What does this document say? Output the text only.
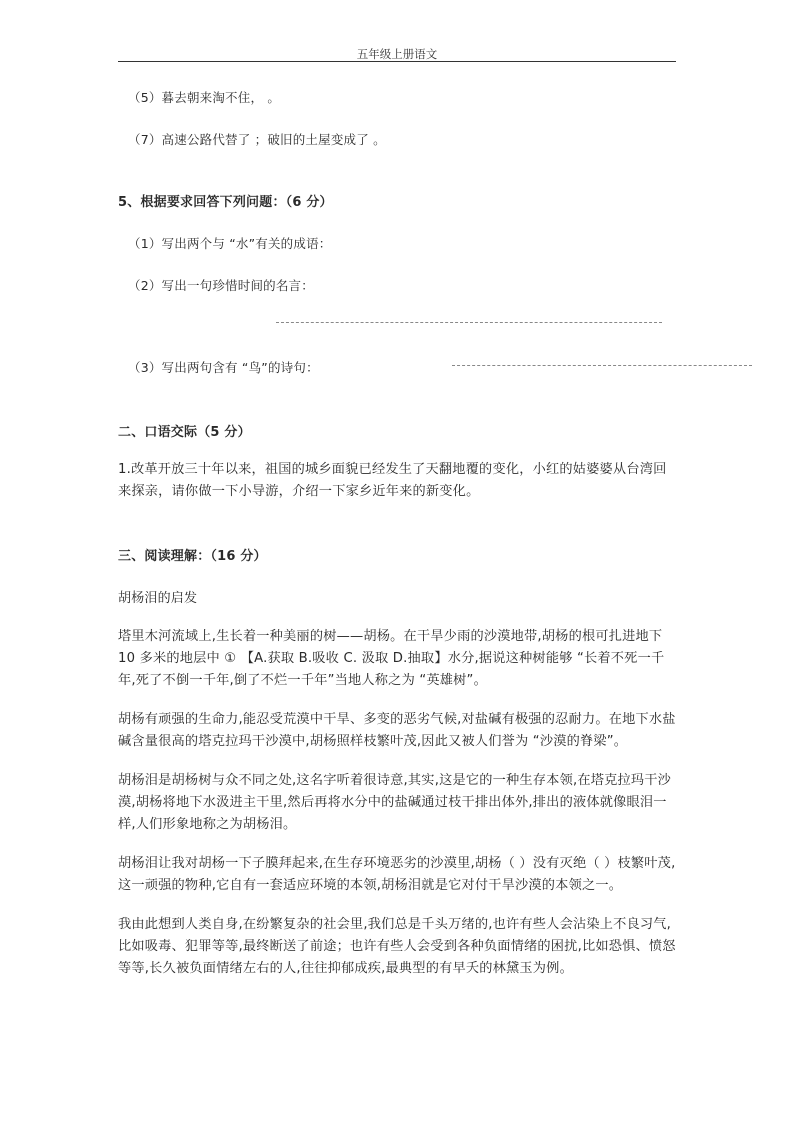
五年级上册语文
（5）暮去朝来淘不住， 。
（7）高速公路代替了 ；破旧的土屋变成了 。
5、根据要求回答下列问题：（6 分）
（1）写出两个与 “水”有关的成语：
（2）写出一句珍惜时间的名言：
（3）写出两句含有 “鸟”的诗句：
二、口语交际（5 分）
1.改革开放三十年以来，祖国的城乡面貌已经发生了天翻地覆的变化，小红的姑婆婆从台湾回来探亲，请你做一下小导游，介绍一下家乡近年来的新变化。
三、阅读理解：（16 分）
胡杨泪的启发
塔里木河流域上,生长着一种美丽的树——胡杨。在干旱少雨的沙漠地带,胡杨的根可扎进地下 10 多米的地层中 ① 【A.获取 B.吸收 C. 汲取 D.抽取】水分,据说这种树能够 “长着不死一千年,死了不倒一千年,倒了不烂一千年”当地人称之为 “英雄树”。
胡杨有顽强的生命力,能忍受荒漠中干旱、多变的恶劣气候,对盐碱有极强的忍耐力。在地下水盐碱含量很高的塔克拉玛干沙漠中,胡杨照样枝繁叶茂,因此又被人们誉为 “沙漠的脊梁”。
胡杨泪是胡杨树与众不同之处,这名字听着很诗意,其实,这是它的一种生存本领,在塔克拉玛干沙漠,胡杨将地下水汲进主干里,然后再将水分中的盐碱通过枝干排出体外,排出的液体就像眼泪一样,人们形象地称之为胡杨泪。
胡杨泪让我对胡杨一下子膜拜起来,在生存环境恶劣的沙漠里,胡杨（ ）没有灭绝（ ）枝繁叶茂,这一顽强的物种,它自有一套适应环境的本领,胡杨泪就是它对付干旱沙漠的本领之一。
我由此想到人类自身,在纷繁复杂的社会里,我们总是千头万绪的,也许有些人会沾染上不良习气,比如吸毒、犯罪等等,最终断送了前途；也许有些人会受到各种负面情绪的困扰,比如恐惧、愤怒等等,长久被负面情绪左右的人,往往抑郁成疾,最典型的有早夭的林黛玉为例。
